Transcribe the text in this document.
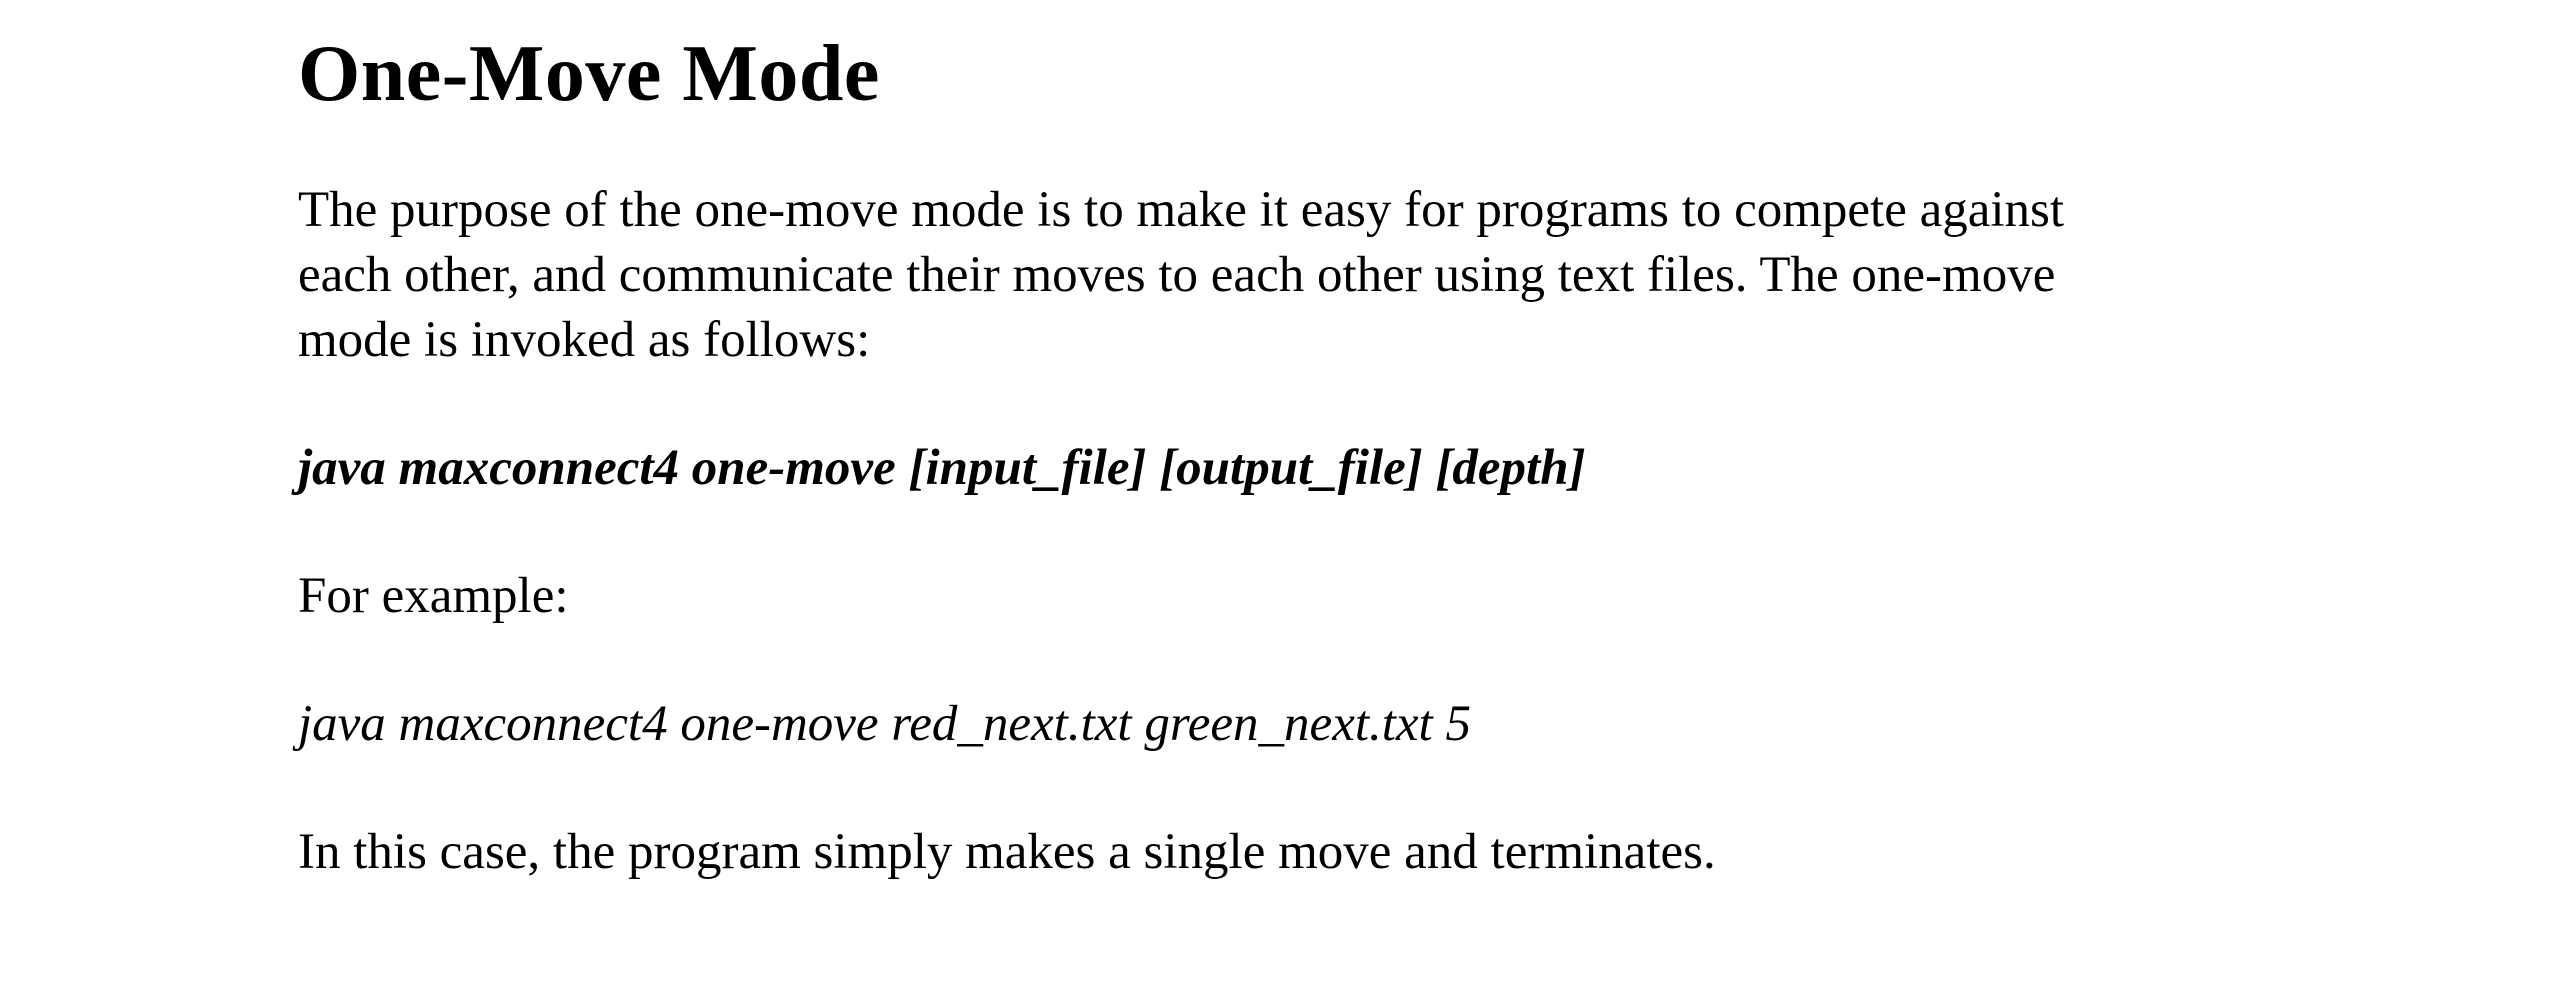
One-Move Mode
The purpose of the one-move mode is to make it easy for programs to compete against
each other, and communicate their moves to each other using text files. The one-move
mode is invoked as follows:
java maxconnect4 one-move [input_file] [output_file] [depth]
For example:
java maxconnect4 one-move red_next.txt green_next.txt 5
In this case, the program simply makes a single move and terminates.
